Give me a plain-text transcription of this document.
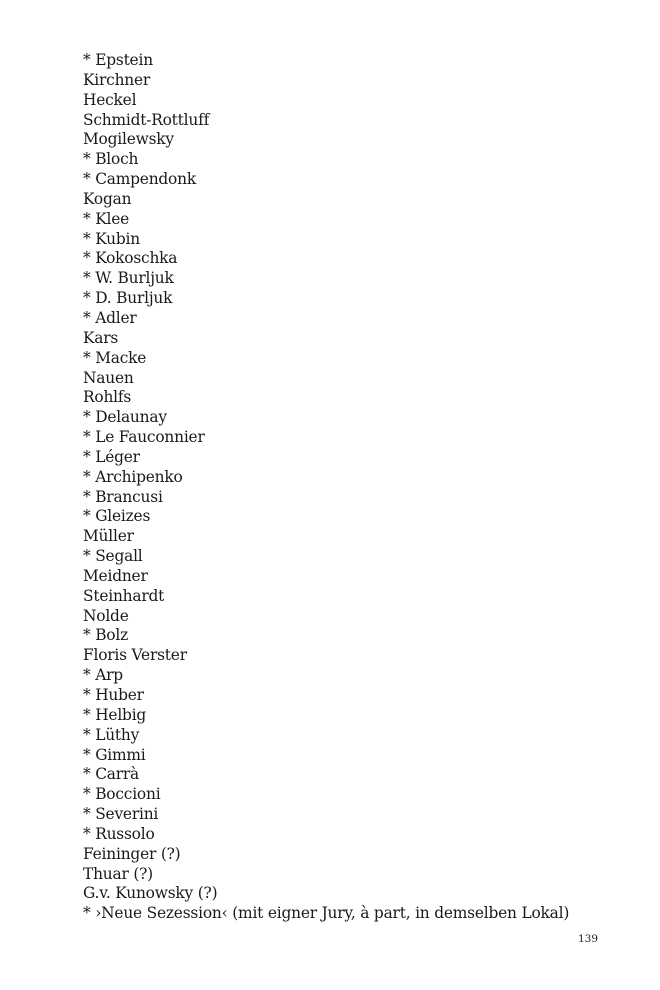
* Epstein
Kirchner
Heckel
Schmidt-Rottluff
Mogilewsky
* Bloch
* Campendonk
Kogan
* Klee
* Kubin
* Kokoschka
* W. Burljuk
* D. Burljuk
* Adler
Kars
* Macke
Nauen
Rohlfs
* Delaunay
* Le Fauconnier
* Léger
* Archipenko
* Brancusi
* Gleizes
Müller
* Segall
Meidner
Steinhardt
Nolde
* Bolz
Floris Verster
* Arp
* Huber
* Helbig
* Lüthy
* Gimmi
* Carrà
* Boccioni
* Severini
* Russolo
Feininger (?)
Thuar (?)
G.v. Kunowsky (?)
* ›Neue Sezession‹ (mit eigner Jury, à part, in demselben Lokal)
139
